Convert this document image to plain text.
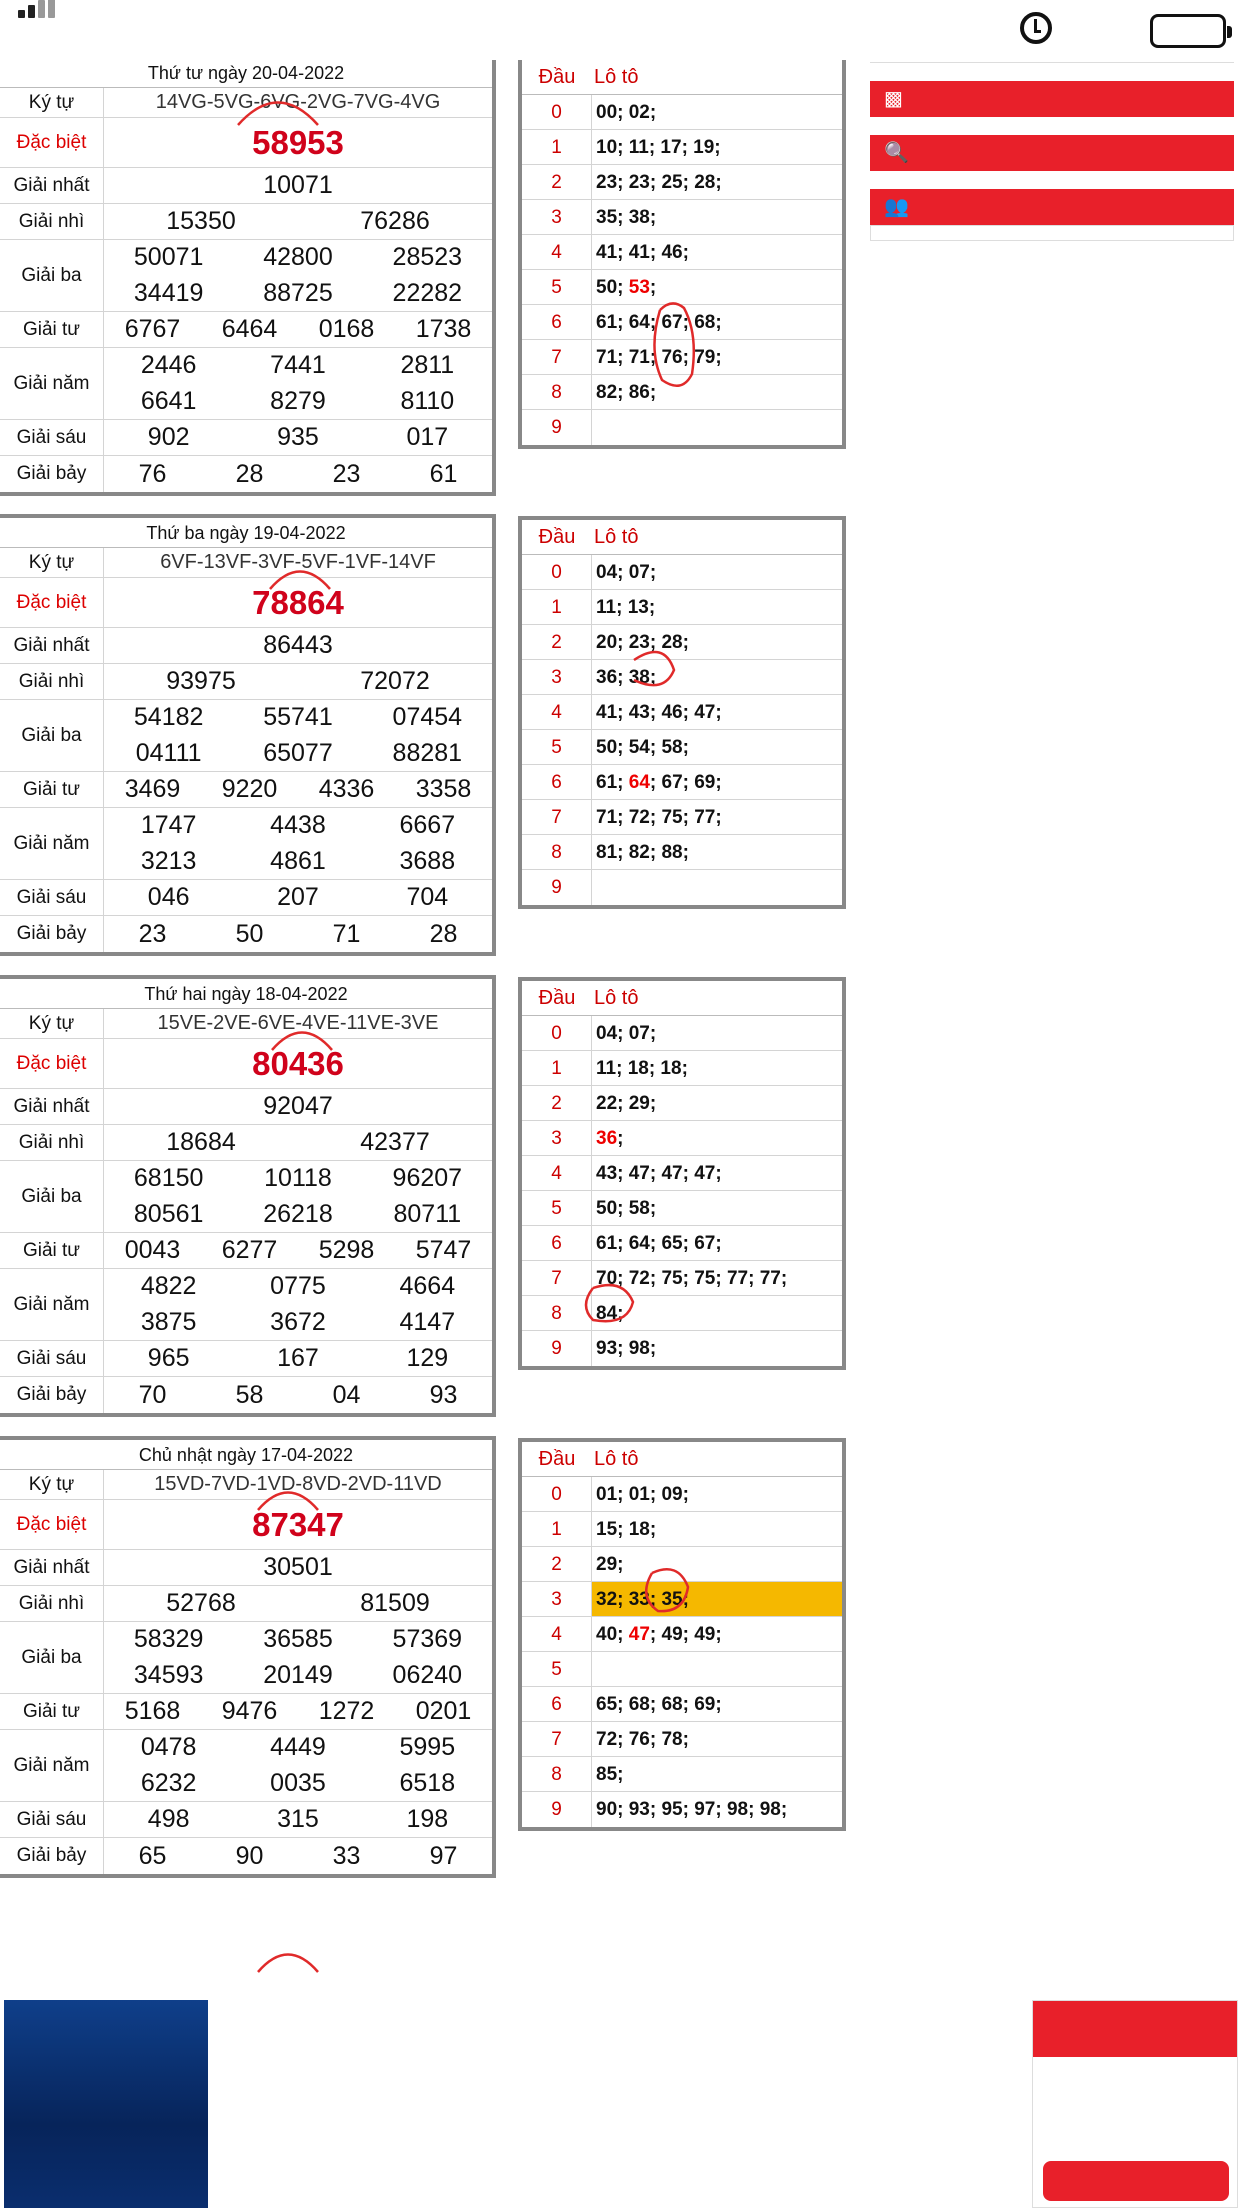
Thứ tư ngày 20-04-2022
Ký tự	14VG-5VG-6VG-2VG-7VG-4VG
Đặc biệt	58953
Giải nhất	10071
Giải nhì	15350	76286
Giải ba
50071	42800	28523
34419	88725	22282
Giải tư	6767	6464	0168	1738
Giải năm
2446	7441	2811
6641	8279	8110
Giải sáu	902	935	017
Giải bảy	76	28	23	61
Đầu Lô tô
0	00; 02;
1	10; 11; 17; 19;
2	23; 23; 25; 28;
3	35; 38;
4	41; 41; 46;
5	50; 53;
6	61; 64; 67; 68;
7	71; 71; 76; 79;
8	82; 86;
9
Thứ ba ngày 19-04-2022
Ký tự	6VF-13VF-3VF-5VF-1VF-14VF
Đặc biệt	78864
Giải nhất	86443
Giải nhì	93975	72072
Giải ba
54182	55741	07454
04111	65077	88281
Giải tư	3469	9220	4336	3358
Giải năm
1747	4438	6667
3213	4861	3688
Giải sáu	046	207	704
Giải bảy	23	50	71	28
Đầu Lô tô
0	04; 07;
1	11; 13;
2	20; 23; 28;
3	36; 38;
4	41; 43; 46; 47;
5	50; 54; 58;
6	61; 64; 67; 69;
7	71; 72; 75; 77;
8	81; 82; 88;
9
Thứ hai ngày 18-04-2022
Ký tự	15VE-2VE-6VE-4VE-11VE-3VE
Đặc biệt	80436
Giải nhất	92047
Giải nhì	18684	42377
Giải ba
68150	10118	96207
80561	26218	80711
Giải tư	0043	6277	5298	5747
Giải năm
4822	0775	4664
3875	3672	4147
Giải sáu	965	167	129
Giải bảy	70	58	04	93
Đầu Lô tô
0	04; 07;
1	11; 18; 18;
2	22; 29;
3	36;
4	43; 47; 47; 47;
5	50; 58;
6	61; 64; 65; 67;
7	70; 72; 75; 75; 77; 77;
8	84;
9	93; 98;
Chủ nhật ngày 17-04-2022
Ký tự	15VD-7VD-1VD-8VD-2VD-11VD
Đặc biệt	87347
Giải nhất	30501
Giải nhì	52768	81509
Giải ba
58329	36585	57369
34593	20149	06240
Giải tư	5168	9476	1272	0201
Giải năm
0478	4449	5995
6232	0035	6518
Giải sáu	498	315	198
Giải bảy	65	90	33	97
Đầu Lô tô
0	01; 01; 09;
1	15; 18;
2	29;
3	32; 33; 35;
4	40; 47; 49; 49;
5
6	65; 68; 68; 69;
7	72; 76; 78;
8	85;
9	90; 93; 95; 97; 98; 98;
▩
🔍
👥
